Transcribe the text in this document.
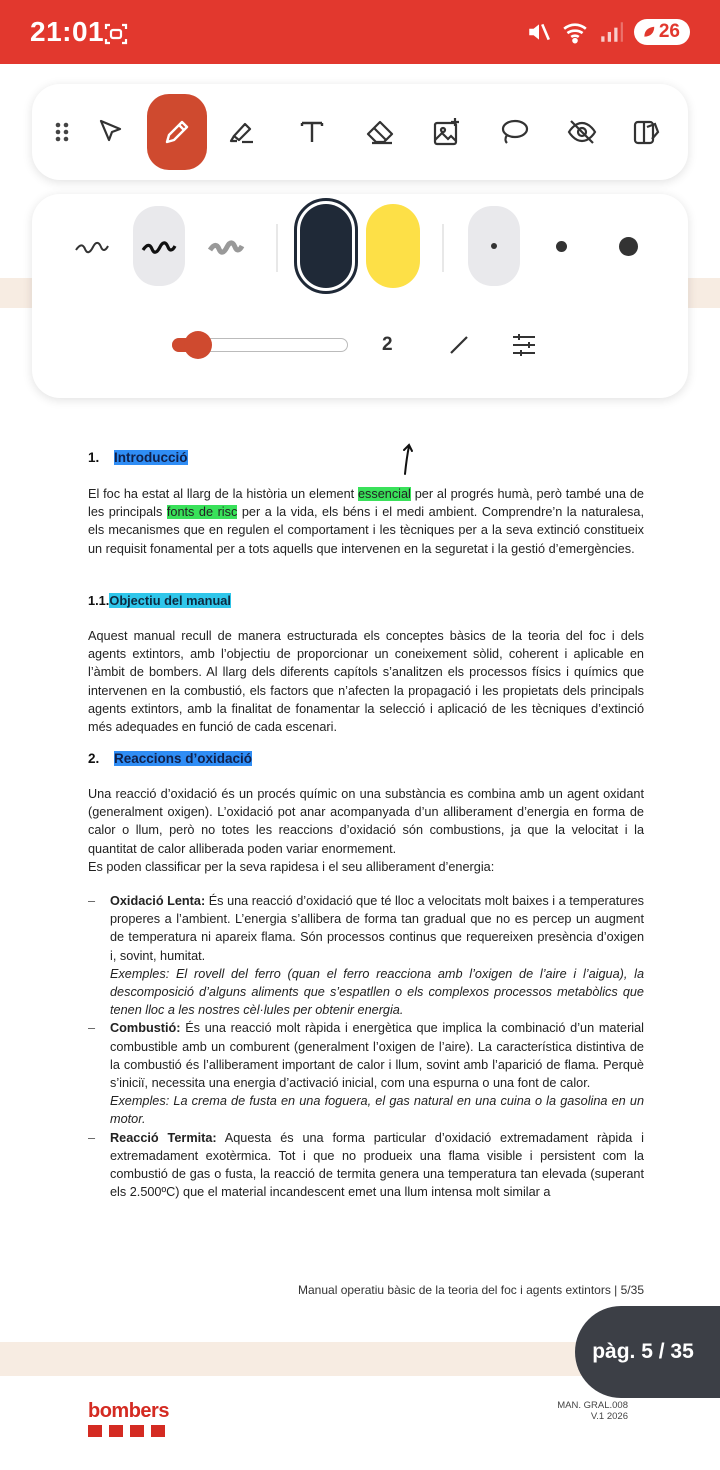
21:01	26
2
1. Introducció
El foc ha estat al llarg de la història un element essencial per al progrés humà, però també una de les principals fonts de risc per a la vida, els béns i el medi ambient. Comprendre’n la naturalesa, els mecanismes que en regulen el comportament i les tècniques per a la seva extinció constitueix un requisit fonamental per a tots aquells que intervenen en la seguretat i la gestió d’emergències.
1.1.Objectiu del manual
Aquest manual recull de manera estructurada els conceptes bàsics de la teoria del foc i dels agents extintors, amb l’objectiu de proporcionar un coneixement sòlid, coherent i aplicable en l’àmbit de bombers. Al llarg dels diferents capítols s’analitzen els processos físics i químics que intervenen en la combustió, els factors que n’afecten la propagació i les propietats dels principals agents extintors, amb la finalitat de fonamentar la selecció i aplicació de les tècniques d’extinció més adequades en funció de cada escenari.
2. Reaccions d’oxidació
Una reacció d’oxidació és un procés químic on una substància es combina amb un agent oxidant (generalment oxigen). L’oxidació pot anar acompanyada d’un alliberament d’energia en forma de calor o llum, però no totes les reaccions d’oxidació són combustions, ja que la velocitat i la quantitat de calor alliberada poden variar enormement.
Es poden classificar per la seva rapidesa i el seu alliberament d’energia:
– Oxidació Lenta: És una reacció d’oxidació que té lloc a velocitats molt baixes i a temperatures properes a l’ambient. L’energia s’allibera de forma tan gradual que no es percep un augment de temperatura ni apareix flama. Són processos continus que requereixen presència d’oxigen i, sovint, humitat.
Exemples: El rovell del ferro (quan el ferro reacciona amb l’oxigen de l’aire i l’aigua), la descomposició d’alguns aliments que s’espatllen o els complexos processos metabòlics que tenen lloc a les nostres cèl·lules per obtenir energia.
– Combustió: És una reacció molt ràpida i energètica que implica la combinació d’un material combustible amb un comburent (generalment l’oxigen de l’aire). La característica distintiva de la combustió és l’alliberament important de calor i llum, sovint amb l’aparició de flama. Perquè s’iniciï, necessita una energia d’activació inicial, com una espurna o una font de calor.
Exemples: La crema de fusta en una foguera, el gas natural en una cuina o la gasolina en un motor.
– Reacció Termita: Aquesta és una forma particular d’oxidació extremadament ràpida i extremadament exotèrmica. Tot i que no produeix una flama visible i persistent com la combustió de gas o fusta, la reacció de termita genera una temperatura tan elevada (superant els 2.500ºC) que el material incandescent emet una llum intensa molt similar a
Manual operatiu bàsic de la teoria del foc i agents extintors | 5/35
pàg. 5 / 35
bombers	MAN. GRAL.008
V.1 2026
